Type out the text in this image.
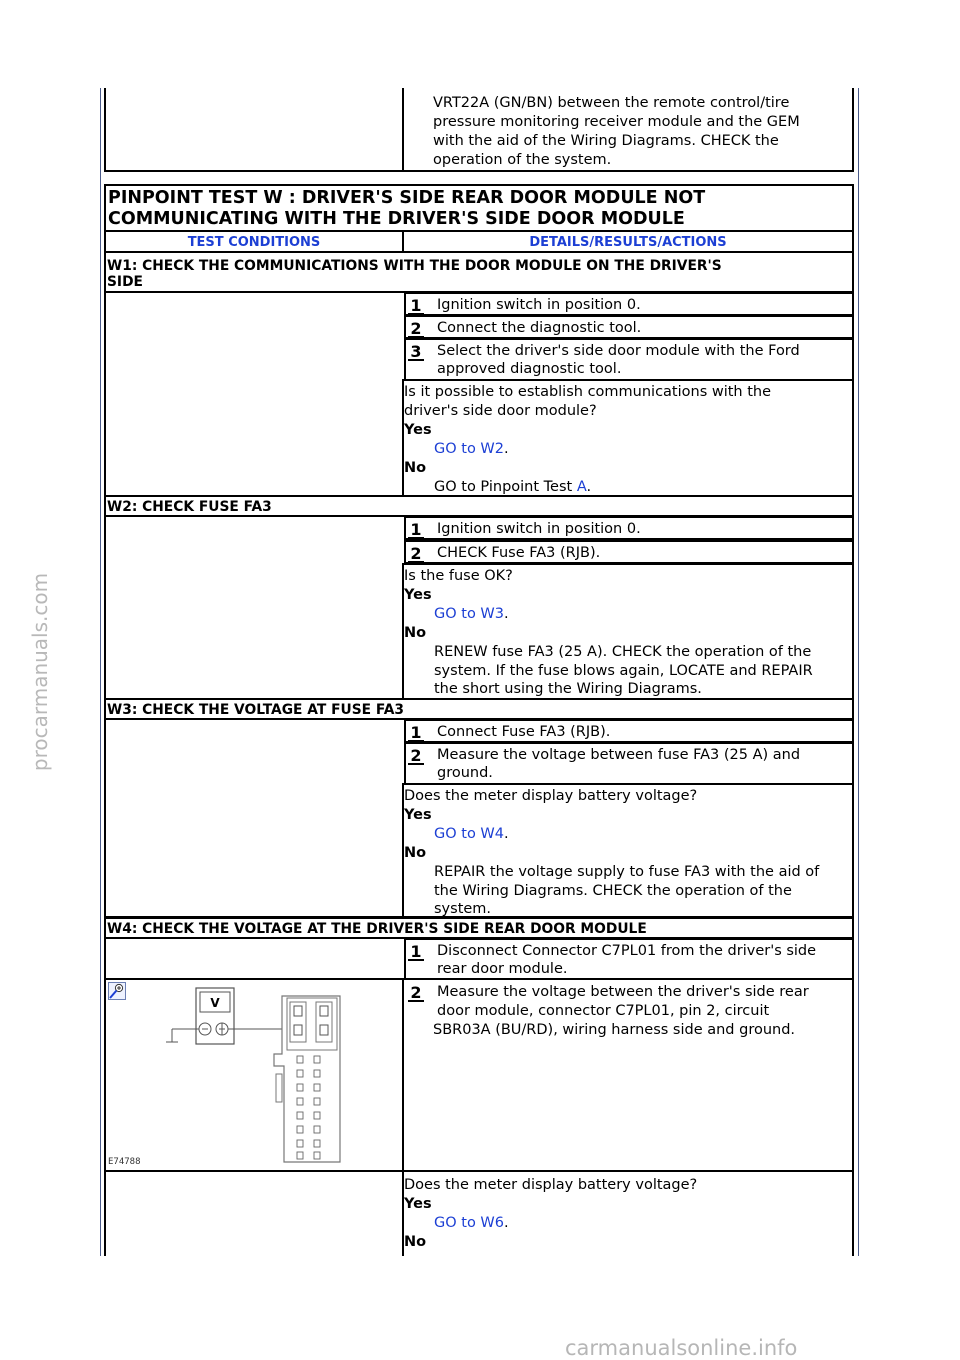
VRT22A (GN/BN) between the remote control/tire
pressure monitoring receiver module and the GEM
with the aid of the Wiring Diagrams. CHECK the
operation of the system.
PINPOINT TEST W : DRIVER'S SIDE REAR DOOR MODULE NOT
COMMUNICATING WITH THE DRIVER'S SIDE DOOR MODULE
TEST CONDITIONS	DETAILS/RESULTS/ACTIONS
W1: CHECK THE COMMUNICATIONS WITH THE DOOR MODULE ON THE DRIVER'S
SIDE
1 Ignition switch in position 0.
2 Connect the diagnostic tool.
3 Select the driver's side door module with the Ford
approved diagnostic tool.
Is it possible to establish communications with the
driver's side door module?
Yes
GO to W2.
No
GO to Pinpoint Test A.
W2: CHECK FUSE FA3
1 Ignition switch in position 0.
2 CHECK Fuse FA3 (RJB).
Is the fuse OK?
Yes
GO to W3.
No
RENEW fuse FA3 (25 A). CHECK the operation of the
system. If the fuse blows again, LOCATE and REPAIR
the short using the Wiring Diagrams.
W3: CHECK THE VOLTAGE AT FUSE FA3
1 Connect Fuse FA3 (RJB).
2 Measure the voltage between fuse FA3 (25 A) and
ground.
Does the meter display battery voltage?
Yes
GO to W4.
No
REPAIR the voltage supply to fuse FA3 with the aid of
the Wiring Diagrams. CHECK the operation of the
system.
W4: CHECK THE VOLTAGE AT THE DRIVER'S SIDE REAR DOOR MODULE
1 Disconnect Connector C7PL01 from the driver's side
rear door module.
V
E74788
2 Measure the voltage between the driver's side rear
door module, connector C7PL01, pin 2, circuit
SBR03A (BU/RD), wiring harness side and ground.
Does the meter display battery voltage?
Yes
GO to W6.
No
procarmanuals.com
carmanualsonline.info
